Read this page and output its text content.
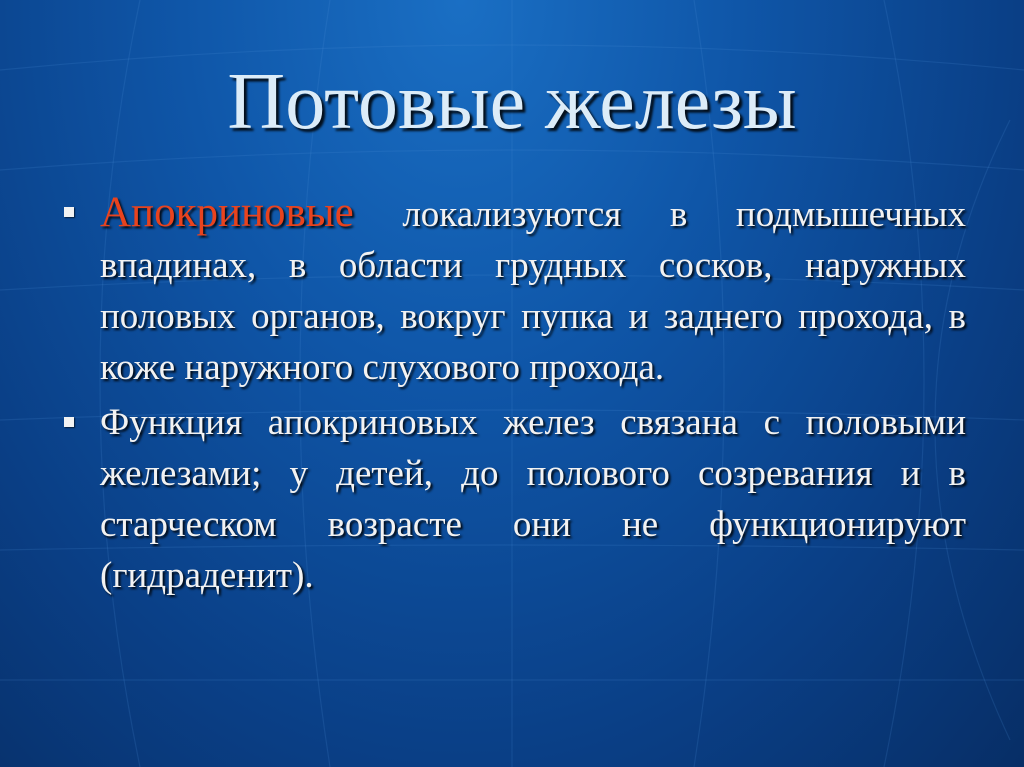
Потовые железы
Апокриновые локализуются в подмышечных впадинах, в области грудных сосков, наружных половых органов, вокруг пупка и заднего прохода, в коже наружного слухового прохода.
Функция апокриновых желез связана с половыми железами; у детей, до полового созревания и в старческом возрасте они не функционируют (гидраденит).
